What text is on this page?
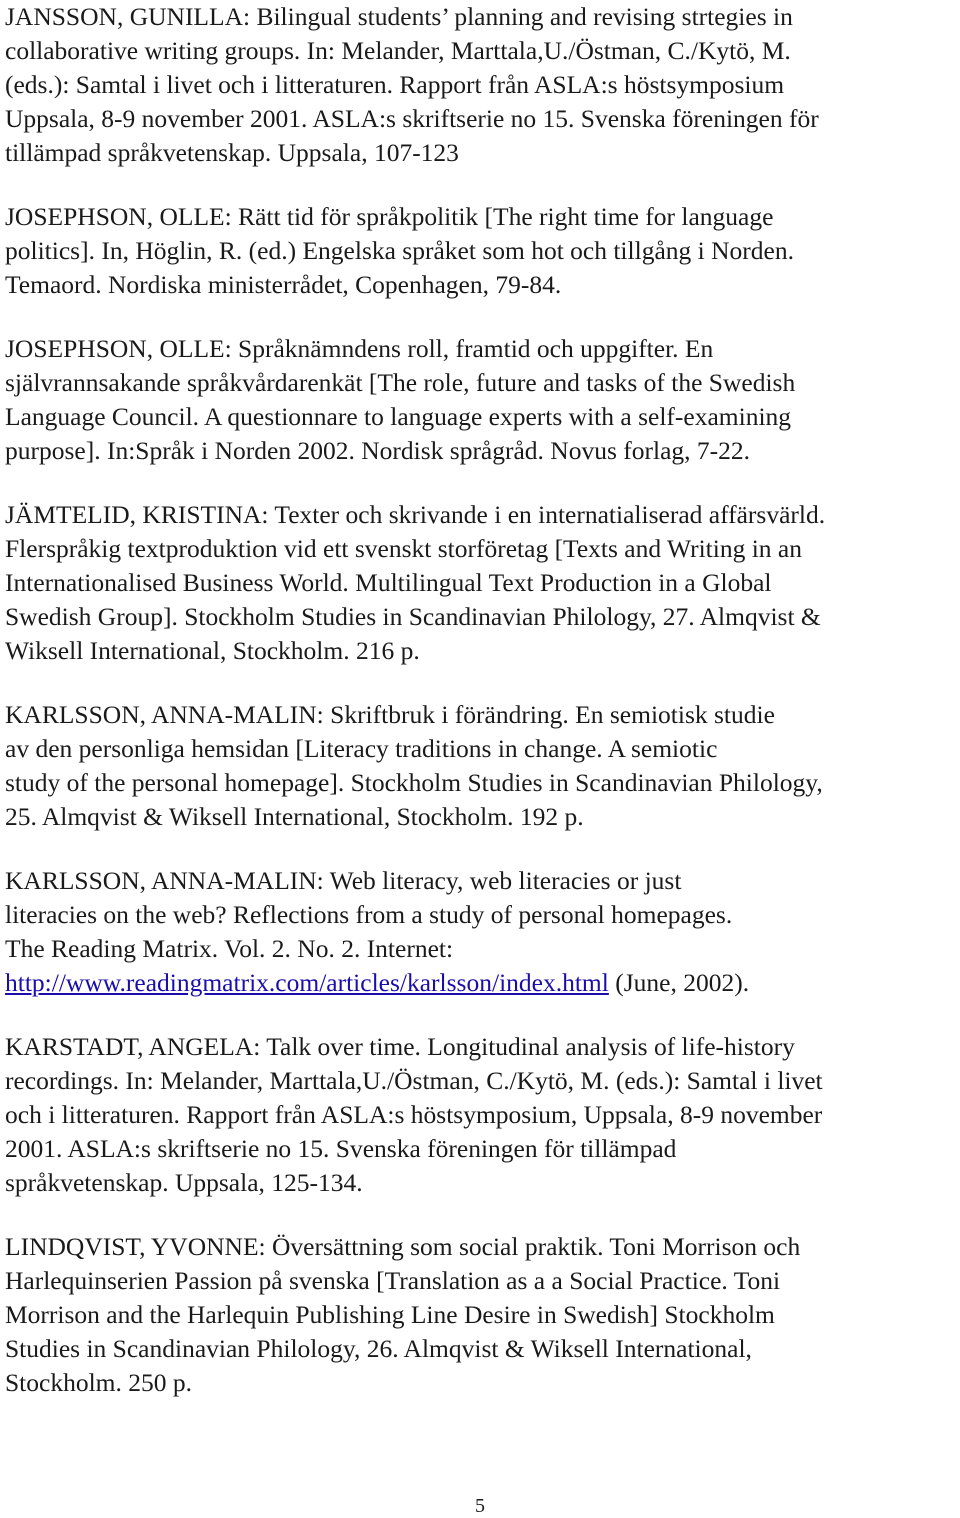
JANSSON, GUNILLA: Bilingual students’ planning and revising strtegies in
collaborative writing groups. In: Melander, Marttala,U./Östman, C./Kytö, M.
(eds.): Samtal i livet och i litteraturen. Rapport från ASLA:s höstsymposium
Uppsala, 8-9 november 2001. ASLA:s skriftserie no 15. Svenska föreningen för
tillämpad språkvetenskap. Uppsala, 107-123
JOSEPHSON, OLLE: Rätt tid för språkpolitik [The right time for language
politics]. In, Höglin, R. (ed.) Engelska språket som hot och tillgång i Norden.
Temaord. Nordiska ministerrådet, Copenhagen, 79-84.
JOSEPHSON, OLLE: Språknämndens roll, framtid och uppgifter. En
självrannsakande språkvårdarenkät [The role, future and tasks of the Swedish
Language Council. A questionnare to language experts with a self-examining
purpose]. In:Språk i Norden 2002. Nordisk språgråd. Novus forlag, 7-22.
JÄMTELID, KRISTINA: Texter och skrivande i en internatialiserad affärsvärld.
Flerspråkig textproduktion vid ett svenskt storföretag [Texts and Writing in an
Internationalised Business World. Multilingual Text Production in a Global
Swedish Group]. Stockholm Studies in Scandinavian Philology, 27. Almqvist &
Wiksell International, Stockholm. 216 p.
KARLSSON, ANNA-MALIN: Skriftbruk i förändring. En semiotisk studie
av den personliga hemsidan [Literacy traditions in change. A semiotic
study of the personal homepage]. Stockholm Studies in Scandinavian Philology,
25. Almqvist & Wiksell International, Stockholm. 192 p.
KARLSSON, ANNA-MALIN: Web literacy, web literacies or just
literacies on the web? Reflections from a study of personal homepages.
The Reading Matrix. Vol. 2. No. 2. Internet:
http://www.readingmatrix.com/articles/karlsson/index.html (June, 2002).
KARSTADT, ANGELA: Talk over time. Longitudinal analysis of life-history
recordings. In: Melander, Marttala,U./Östman, C./Kytö, M. (eds.): Samtal i livet
och i litteraturen. Rapport från ASLA:s höstsymposium, Uppsala, 8-9 november
2001. ASLA:s skriftserie no 15. Svenska föreningen för tillämpad
språkvetenskap. Uppsala, 125-134.
LINDQVIST, YVONNE: Översättning som social praktik. Toni Morrison och
Harlequinserien Passion på svenska [Translation as a a Social Practice. Toni
Morrison and the Harlequin Publishing Line Desire in Swedish] Stockholm
Studies in Scandinavian Philology, 26. Almqvist & Wiksell International,
Stockholm. 250 p.
5
